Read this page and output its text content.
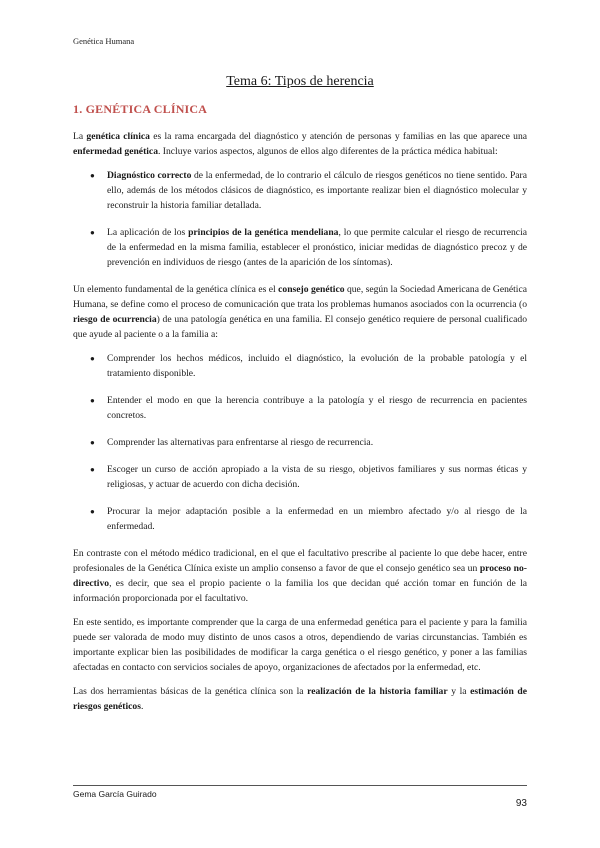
Genética Humana
Tema 6: Tipos de herencia
1. GENÉTICA CLÍNICA

La genética clínica es la rama encargada del diagnóstico y atención de personas y familias en las que aparece una enfermedad genética. Incluye varios aspectos, algunos de ellos algo diferentes de la práctica médica habitual:

● Diagnóstico correcto de la enfermedad, de lo contrario el cálculo de riesgos genéticos no tiene sentido. Para ello, además de los métodos clásicos de diagnóstico, es importante realizar bien el diagnóstico molecular y reconstruir la historia familiar detallada.
● La aplicación de los principios de la genética mendeliana, lo que permite calcular el riesgo de recurrencia de la enfermedad en la misma familia, establecer el pronóstico, iniciar medidas de diagnóstico precoz y de prevención en individuos de riesgo (antes de la aparición de los síntomas).

Un elemento fundamental de la genética clínica es el consejo genético que, según la Sociedad Americana de Genética Humana, se define como el proceso de comunicación que trata los problemas humanos asociados con la ocurrencia (o riesgo de ocurrencia) de una patología genética en una familia. El consejo genético requiere de personal cualificado que ayude al paciente o a la familia a:

● Comprender los hechos médicos, incluido el diagnóstico, la evolución de la probable patología y el tratamiento disponible.
● Entender el modo en que la herencia contribuye a la patología y el riesgo de recurrencia en pacientes concretos.
● Comprender las alternativas para enfrentarse al riesgo de recurrencia.
● Escoger un curso de acción apropiado a la vista de su riesgo, objetivos familiares y sus normas éticas y religiosas, y actuar de acuerdo con dicha decisión.
● Procurar la mejor adaptación posible a la enfermedad en un miembro afectado y/o al riesgo de la enfermedad.

En contraste con el método médico tradicional, en el que el facultativo prescribe al paciente lo que debe hacer, entre profesionales de la Genética Clínica existe un amplio consenso a favor de que el consejo genético sea un proceso no-directivo, es decir, que sea el propio paciente o la familia los que decidan qué acción tomar en función de la información proporcionada por el facultativo.

En este sentido, es importante comprender que la carga de una enfermedad genética para el paciente y para la familia puede ser valorada de modo muy distinto de unos casos a otros, dependiendo de varias circunstancias. También es importante explicar bien las posibilidades de modificar la carga genética o el riesgo genético, y poner a las familias afectadas en contacto con servicios sociales de apoyo, organizaciones de afectados por la enfermedad, etc.

Las dos herramientas básicas de la genética clínica son la realización de la historia familiar y la estimación de riesgos genéticos.

Gema García Guirado
93
